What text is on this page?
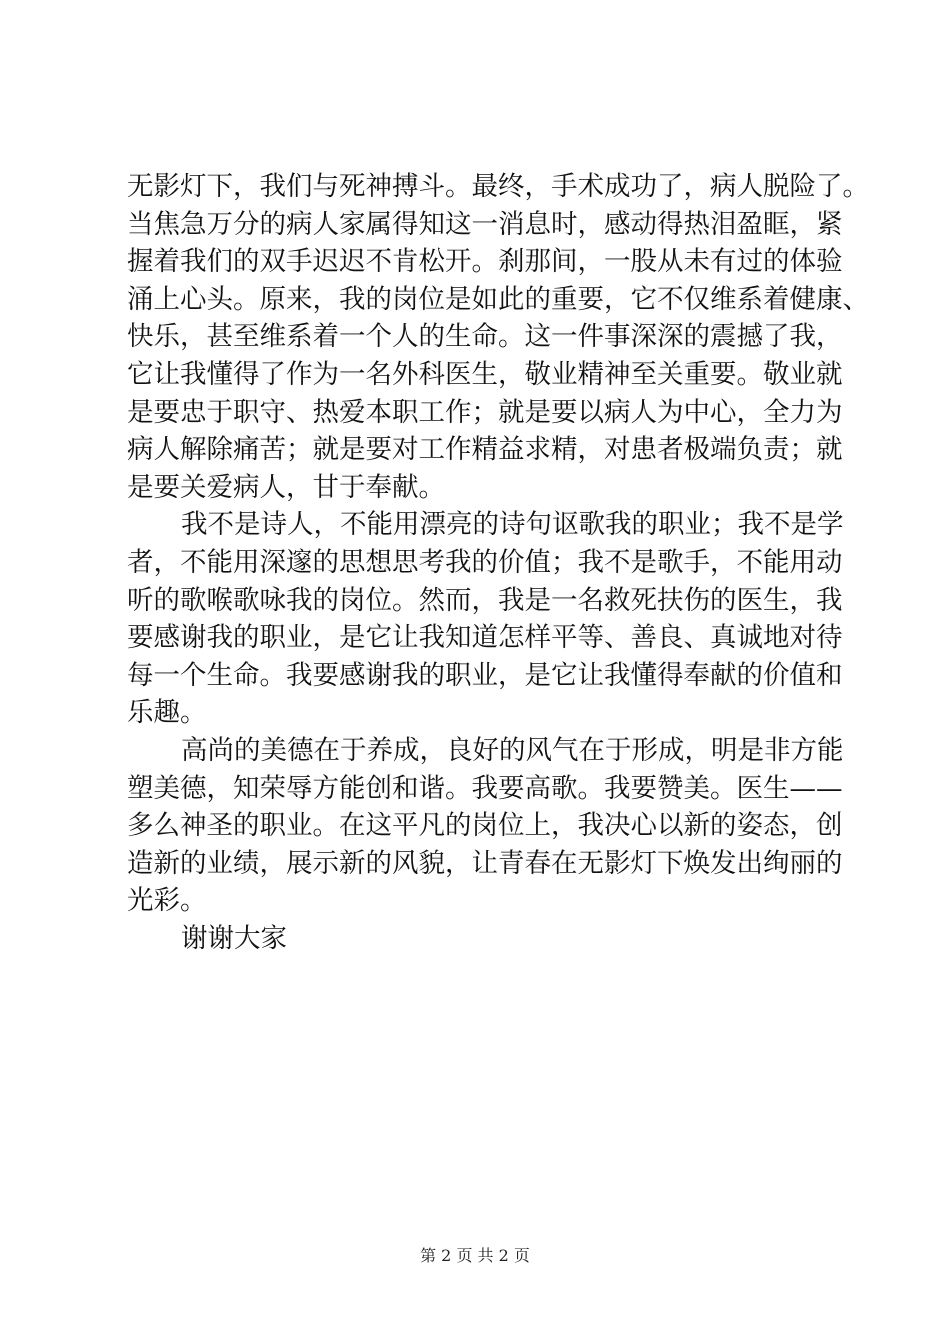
无影灯下，我们与死神搏斗。最终，手术成功了，病人脱险了。
当焦急万分的病人家属得知这一消息时，感动得热泪盈眶，紧
握着我们的双手迟迟不肯松开。刹那间，一股从未有过的体验
涌上心头。原来，我的岗位是如此的重要，它不仅维系着健康、
快乐，甚至维系着一个人的生命。这一件事深深的震撼了我，
它让我懂得了作为一名外科医生，敬业精神至关重要。敬业就
是要忠于职守、热爱本职工作；就是要以病人为中心，全力为
病人解除痛苦；就是要对工作精益求精，对患者极端负责；就
是要关爱病人，甘于奉献。
我不是诗人，不能用漂亮的诗句讴歌我的职业；我不是学
者，不能用深邃的思想思考我的价值；我不是歌手，不能用动
听的歌喉歌咏我的岗位。然而，我是一名救死扶伤的医生，我
要感谢我的职业，是它让我知道怎样平等、善良、真诚地对待
每一个生命。我要感谢我的职业，是它让我懂得奉献的价值和
乐趣。
高尚的美德在于养成，良好的风气在于形成，明是非方能
塑美德，知荣辱方能创和谐。我要高歌。我要赞美。医生——
多么神圣的职业。在这平凡的岗位上，我决心以新的姿态，创
造新的业绩，展示新的风貌，让青春在无影灯下焕发出绚丽的
光彩。
谢谢大家
第 2 页 共 2 页
